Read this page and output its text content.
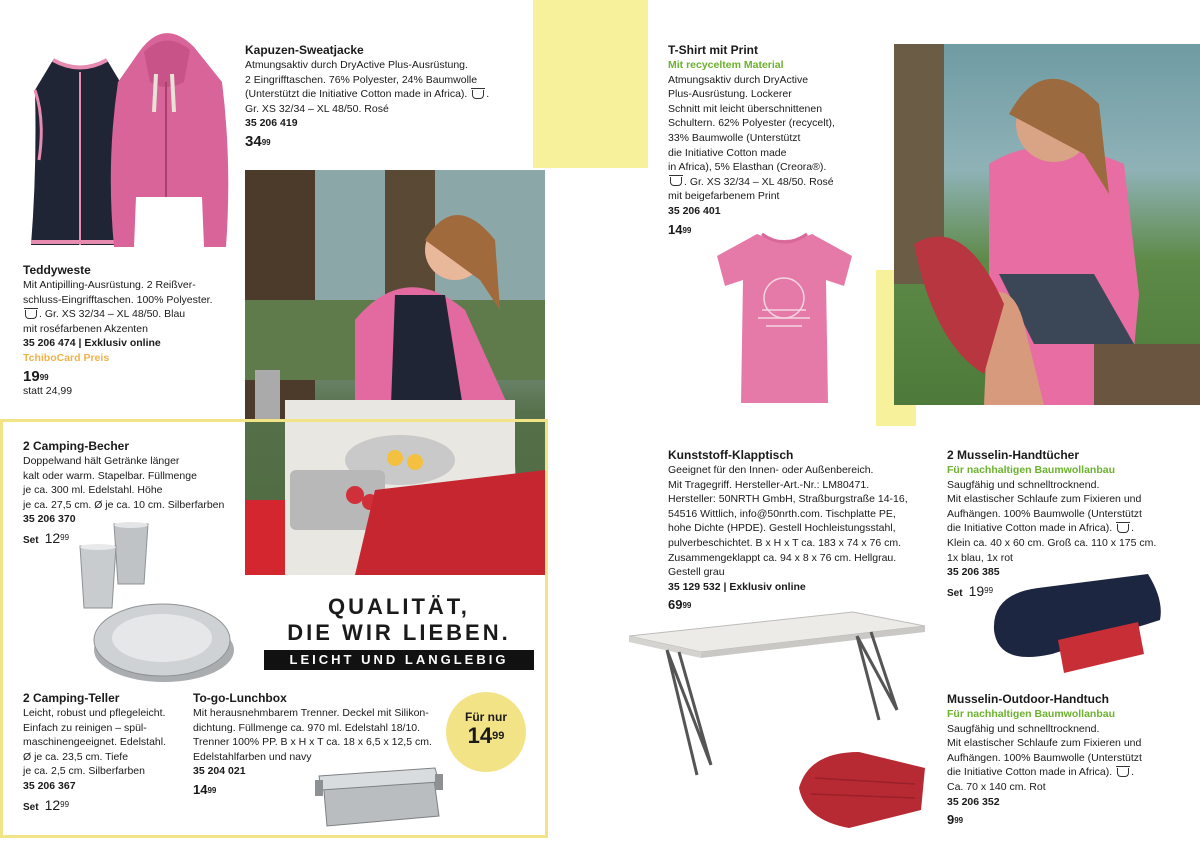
QUALITÄT,
DIE WIR LIEBEN.
LEICHT UND LANGLEBIG
Für nur
$14^{99}$
Teddyweste
Mit Antipilling-Ausrüstung. 2 Reißver-
schluss-Eingrifftaschen. 100% Polyester.
. Gr. XS 32/34 – XL 48/50. Blau
mit roséfarbenen Akzenten
35 206 474 | Exklusiv online
TchiboCard Preis
$19^{99}$
statt 24,99
Kapuzen-Sweatjacke
Atmungsaktiv durch DryActive Plus-Ausrüstung.
2 Eingrifftaschen. 76% Polyester, 24% Baumwolle
(Unterstützt die Initiative Cotton made in Africa). .
Gr. XS 32/34 – XL 48/50. Rosé
35 206 419
$34^{99}$
2 Camping-Becher
Doppelwand hält Getränke länger
kalt oder warm. Stapelbar. Füllmenge
je ca. 300 ml. Edelstahl. Höhe
je ca. 27,5 cm. Ø je ca. 10 cm. Silberfarben
35 206 370
Set $12^{99}$
2 Camping-Teller
Leicht, robust und pflegeleicht.
Einfach zu reinigen – spül-
maschinengeeignet. Edelstahl.
Ø je ca. 23,5 cm. Tiefe
je ca. 2,5 cm. Silberfarben
35 206 367
Set $12^{99}$
To-go-Lunchbox
Mit herausnehmbarem Trenner. Deckel mit Silikon-
dichtung. Füllmenge ca. 970 ml. Edelstahl 18/10.
Trenner 100% PP. B x H x T ca. 18 x 6,5 x 12,5 cm.
Edelstahlfarben und navy
35 204 021
$14^{99}$
T-Shirt mit Print
Mit recyceltem Material
Atmungsaktiv durch DryActive
Plus-Ausrüstung. Lockerer
Schnitt mit leicht überschnittenen
Schultern. 62% Polyester (recycelt),
33% Baumwolle (Unterstützt
die Initiative Cotton made
in Africa), 5% Elasthan (Creora®).
. Gr. XS 32/34 – XL 48/50. Rosé
mit beigefarbenem Print
35 206 401
$14^{99}$
Kunststoff-Klapptisch
Geeignet für den Innen- oder Außenbereich.
Mit Tragegriff. Hersteller-Art.-Nr.: LM80471.
Hersteller: 50NRTH GmbH, Straßburgstraße 14-16,
54516 Wittlich, info@50nrth.com. Tischplatte PE,
hohe Dichte (HPDE). Gestell Hochleistungsstahl,
pulverbeschichtet. B x H x T ca. 183 x 74 x 76 cm.
Zusammengeklappt ca. 94 x 8 x 76 cm. Hellgrau.
Gestell grau
35 129 532 | Exklusiv online
$69^{99}$
2 Musselin-Handtücher
Für nachhaltigen Baumwollanbau
Saugfähig und schnelltrocknend.
Mit elastischer Schlaufe zum Fixieren und
Aufhängen. 100% Baumwolle (Unterstützt
die Initiative Cotton made in Africa). .
Klein ca. 40 x 60 cm. Groß ca. 110 x 175 cm.
1x blau, 1x rot
35 206 385
Set $19^{99}$
Musselin-Outdoor-Handtuch
Für nachhaltigen Baumwollanbau
Saugfähig und schnelltrocknend.
Mit elastischer Schlaufe zum Fixieren und
Aufhängen. 100% Baumwolle (Unterstützt
die Initiative Cotton made in Africa). .
Ca. 70 x 140 cm. Rot
35 206 352
$9^{99}$
